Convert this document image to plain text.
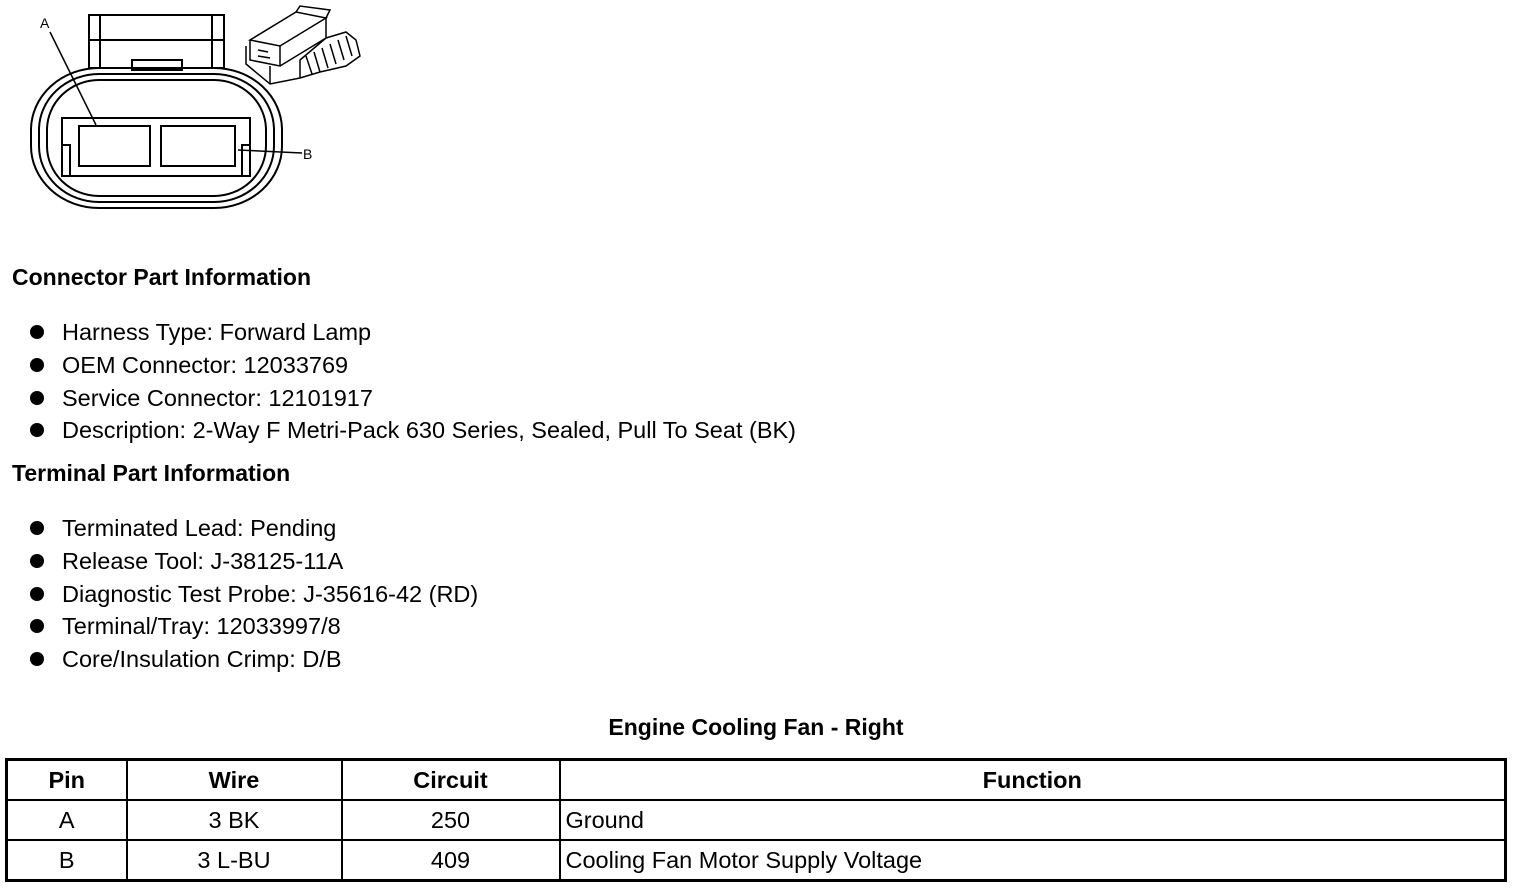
A
B
Connector Part Information
Harness Type: Forward Lamp
OEM Connector: 12033769
Service Connector: 12101917
Description: 2-Way F Metri-Pack 630 Series, Sealed, Pull To Seat (BK)
Terminal Part Information
Terminated Lead: Pending
Release Tool: J-38125-11A
Diagnostic Test Probe: J-35616-42 (RD)
Terminal/Tray: 12033997/8
Core/Insulation Crimp: D/B
Engine Cooling Fan - Right
Pin	Wire	Circuit	Function
A	3 BK	250	Ground
B	3 L-BU	409	Cooling Fan Motor Supply Voltage
